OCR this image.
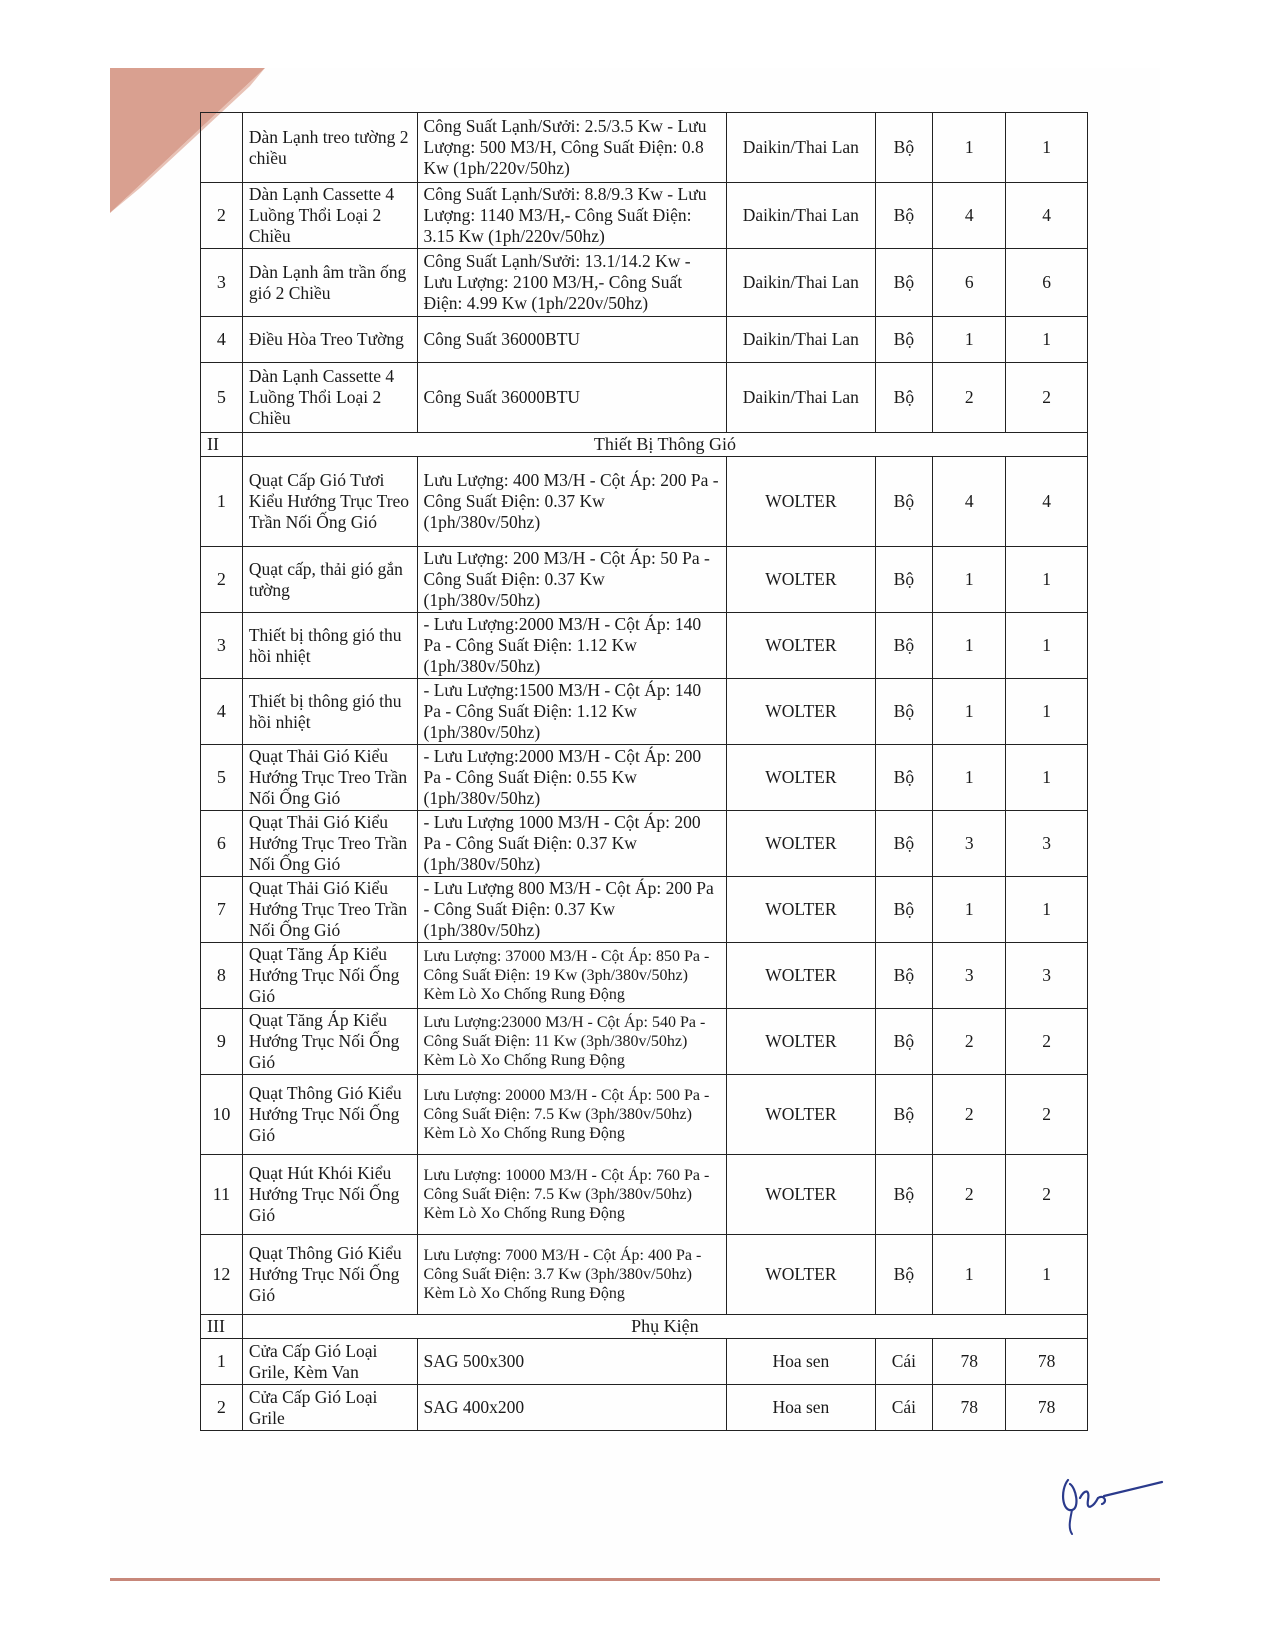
	Dàn Lạnh treo tường 2 chiều	Công Suất Lạnh/Sưởi: 2.5/3.5 Kw - Lưu Lượng: 500 M3/H, Công Suất Điện: 0.8 Kw (1ph/220v/50hz)	Daikin/Thai Lan	Bộ	1	1
2	Dàn Lạnh Cassette 4 Luồng Thổi Loại 2 Chiều	Công Suất Lạnh/Sưởi: 8.8/9.3 Kw - Lưu Lượng: 1140 M3/H,- Công Suất Điện: 3.15 Kw (1ph/220v/50hz)	Daikin/Thai Lan	Bộ	4	4
3	Dàn Lạnh âm trần ống gió 2 Chiều	Công Suất Lạnh/Sưởi: 13.1/14.2 Kw - Lưu Lượng: 2100 M3/H,- Công Suất Điện: 4.99 Kw (1ph/220v/50hz)	Daikin/Thai Lan	Bộ	6	6
4	Điều Hòa Treo Tường	Công Suất 36000BTU	Daikin/Thai Lan	Bộ	1	1
5	Dàn Lạnh Cassette 4 Luồng Thổi Loại 2 Chiều	Công Suất 36000BTU	Daikin/Thai Lan	Bộ	2	2
II	Thiết Bị Thông Gió					
1	Quạt Cấp Gió Tươi Kiểu Hướng Trục Treo Trần Nối Ống Gió	Lưu Lượng: 400 M3/H - Cột Áp: 200 Pa - Công Suất Điện: 0.37 Kw (1ph/380v/50hz)	WOLTER	Bộ	4	4
2	Quạt cấp, thải gió gắn tường	Lưu Lượng: 200 M3/H - Cột Áp: 50 Pa - Công Suất Điện: 0.37 Kw (1ph/380v/50hz)	WOLTER	Bộ	1	1
3	Thiết bị thông gió thu hồi nhiệt	- Lưu Lượng:2000 M3/H - Cột Áp: 140 Pa - Công Suất Điện: 1.12 Kw (1ph/380v/50hz)	WOLTER	Bộ	1	1
4	Thiết bị thông gió thu hồi nhiệt	- Lưu Lượng:1500 M3/H - Cột Áp: 140 Pa - Công Suất Điện: 1.12 Kw (1ph/380v/50hz)	WOLTER	Bộ	1	1
5	Quạt Thải Gió Kiểu Hướng Trục Treo Trần Nối Ống Gió	- Lưu Lượng:2000 M3/H - Cột Áp: 200 Pa - Công Suất Điện: 0.55 Kw (1ph/380v/50hz)	WOLTER	Bộ	1	1
6	Quạt Thải Gió Kiểu Hướng Trục Treo Trần Nối Ống Gió	- Lưu Lượng 1000 M3/H - Cột Áp: 200 Pa - Công Suất Điện: 0.37 Kw (1ph/380v/50hz)	WOLTER	Bộ	3	3
7	Quạt Thải Gió Kiểu Hướng Trục Treo Trần Nối Ống Gió	- Lưu Lượng 800 M3/H - Cột Áp: 200 Pa - Công Suất Điện: 0.37 Kw (1ph/380v/50hz)	WOLTER	Bộ	1	1
8	Quạt Tăng Áp Kiểu Hướng Trục Nối Ống Gió	Lưu Lượng: 37000 M3/H - Cột Áp: 850 Pa - Công Suất Điện: 19 Kw (3ph/380v/50hz) Kèm Lò Xo Chống Rung Động	WOLTER	Bộ	3	3
9	Quạt Tăng Áp Kiểu Hướng Trục Nối Ống Gió	Lưu Lượng:23000 M3/H - Cột Áp: 540 Pa - Công Suất Điện: 11 Kw (3ph/380v/50hz) Kèm Lò Xo Chống Rung Động	WOLTER	Bộ	2	2
10	Quạt Thông Gió Kiểu Hướng Trục Nối Ống Gió	Lưu Lượng: 20000 M3/H - Cột Áp: 500 Pa - Công Suất Điện: 7.5 Kw (3ph/380v/50hz) Kèm Lò Xo Chống Rung Động	WOLTER	Bộ	2	2
11	Quạt Hút Khói Kiểu Hướng Trục Nối Ống Gió	Lưu Lượng: 10000 M3/H - Cột Áp: 760 Pa - Công Suất Điện: 7.5 Kw (3ph/380v/50hz) Kèm Lò Xo Chống Rung Động	WOLTER	Bộ	2	2
12	Quạt Thông Gió Kiểu Hướng Trục Nối Ống Gió	Lưu Lượng: 7000 M3/H - Cột Áp: 400 Pa - Công Suất Điện: 3.7 Kw (3ph/380v/50hz) Kèm Lò Xo Chống Rung Động	WOLTER	Bộ	1	1
III	Phụ Kiện					
1	Cửa Cấp Gió Loại Grile, Kèm Van	SAG 500x300	Hoa sen	Cái	78	78
2	Cửa Cấp Gió Loại Grile	SAG 400x200	Hoa sen	Cái	78	78
